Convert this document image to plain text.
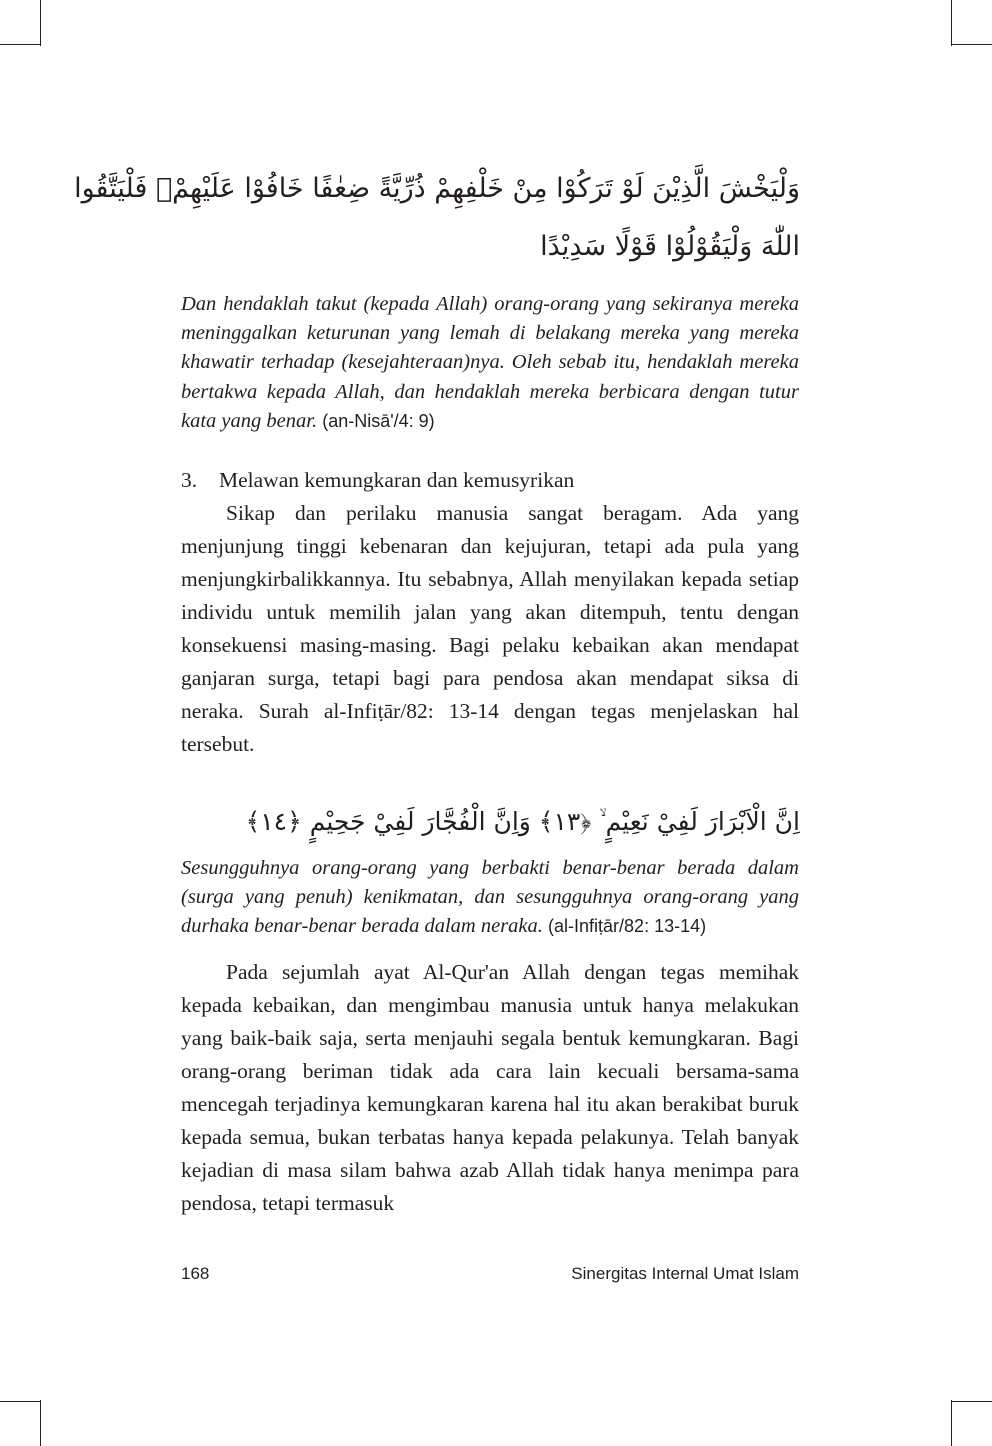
وَلْيَخْشَ الَّذِيْنَ لَوْ تَرَكُوْا مِنْ خَلْفِهِمْ ذُرِّيَّةً ضِعٰفًا خَافُوْا عَلَيْهِمْۖ فَلْيَتَّقُوا
اللّٰهَ وَلْيَقُوْلُوْا قَوْلًا سَدِيْدًا

Dan hendaklah takut (kepada Allah) orang-orang yang sekiranya mereka meninggalkan keturunan yang lemah di belakang mereka yang mereka khawatir terhadap (kesejahteraan)nya. Oleh sebab itu, hendaklah mereka bertakwa kepada Allah, dan hendaklah mereka berbicara dengan tutur kata yang benar. (an-Nisā'/4: 9)

3. Melawan kemungkaran dan kemusyrikan

Sikap dan perilaku manusia sangat beragam. Ada yang menjunjung tinggi kebenaran dan kejujuran, tetapi ada pula yang menjungkirbalikkannya. Itu sebabnya, Allah menyilakan kepada setiap individu untuk memilih jalan yang akan ditempuh, tentu dengan konsekuensi masing-masing. Bagi pelaku kebaikan akan mendapat ganjaran surga, tetapi bagi para pendosa akan mendapat siksa di neraka. Surah al-Infiṭār/82: 13-14 dengan tegas menjelaskan hal tersebut.

اِنَّ الْاَبْرَارَ لَفِيْ نَعِيْمٍ ۙ ﴿١٣﴾ وَاِنَّ الْفُجَّارَ لَفِيْ جَحِيْمٍ ﴿١٤﴾

Sesungguhnya orang-orang yang berbakti benar-benar berada dalam (surga yang penuh) kenikmatan, dan sesungguhnya orang-orang yang durhaka benar-benar berada dalam neraka. (al-Infiṭār/82: 13-14)

Pada sejumlah ayat Al-Qur'an Allah dengan tegas memihak kepada kebaikan, dan mengimbau manusia untuk hanya melakukan yang baik-baik saja, serta menjauhi segala bentuk kemungkaran. Bagi orang-orang beriman tidak ada cara lain kecuali bersama-sama mencegah terjadinya kemungkaran karena hal itu akan berakibat buruk kepada semua, bukan terbatas hanya kepada pelakunya. Telah banyak kejadian di masa silam bahwa azab Allah tidak hanya menimpa para pendosa, tetapi termasuk

168	Sinergitas Internal Umat Islam
